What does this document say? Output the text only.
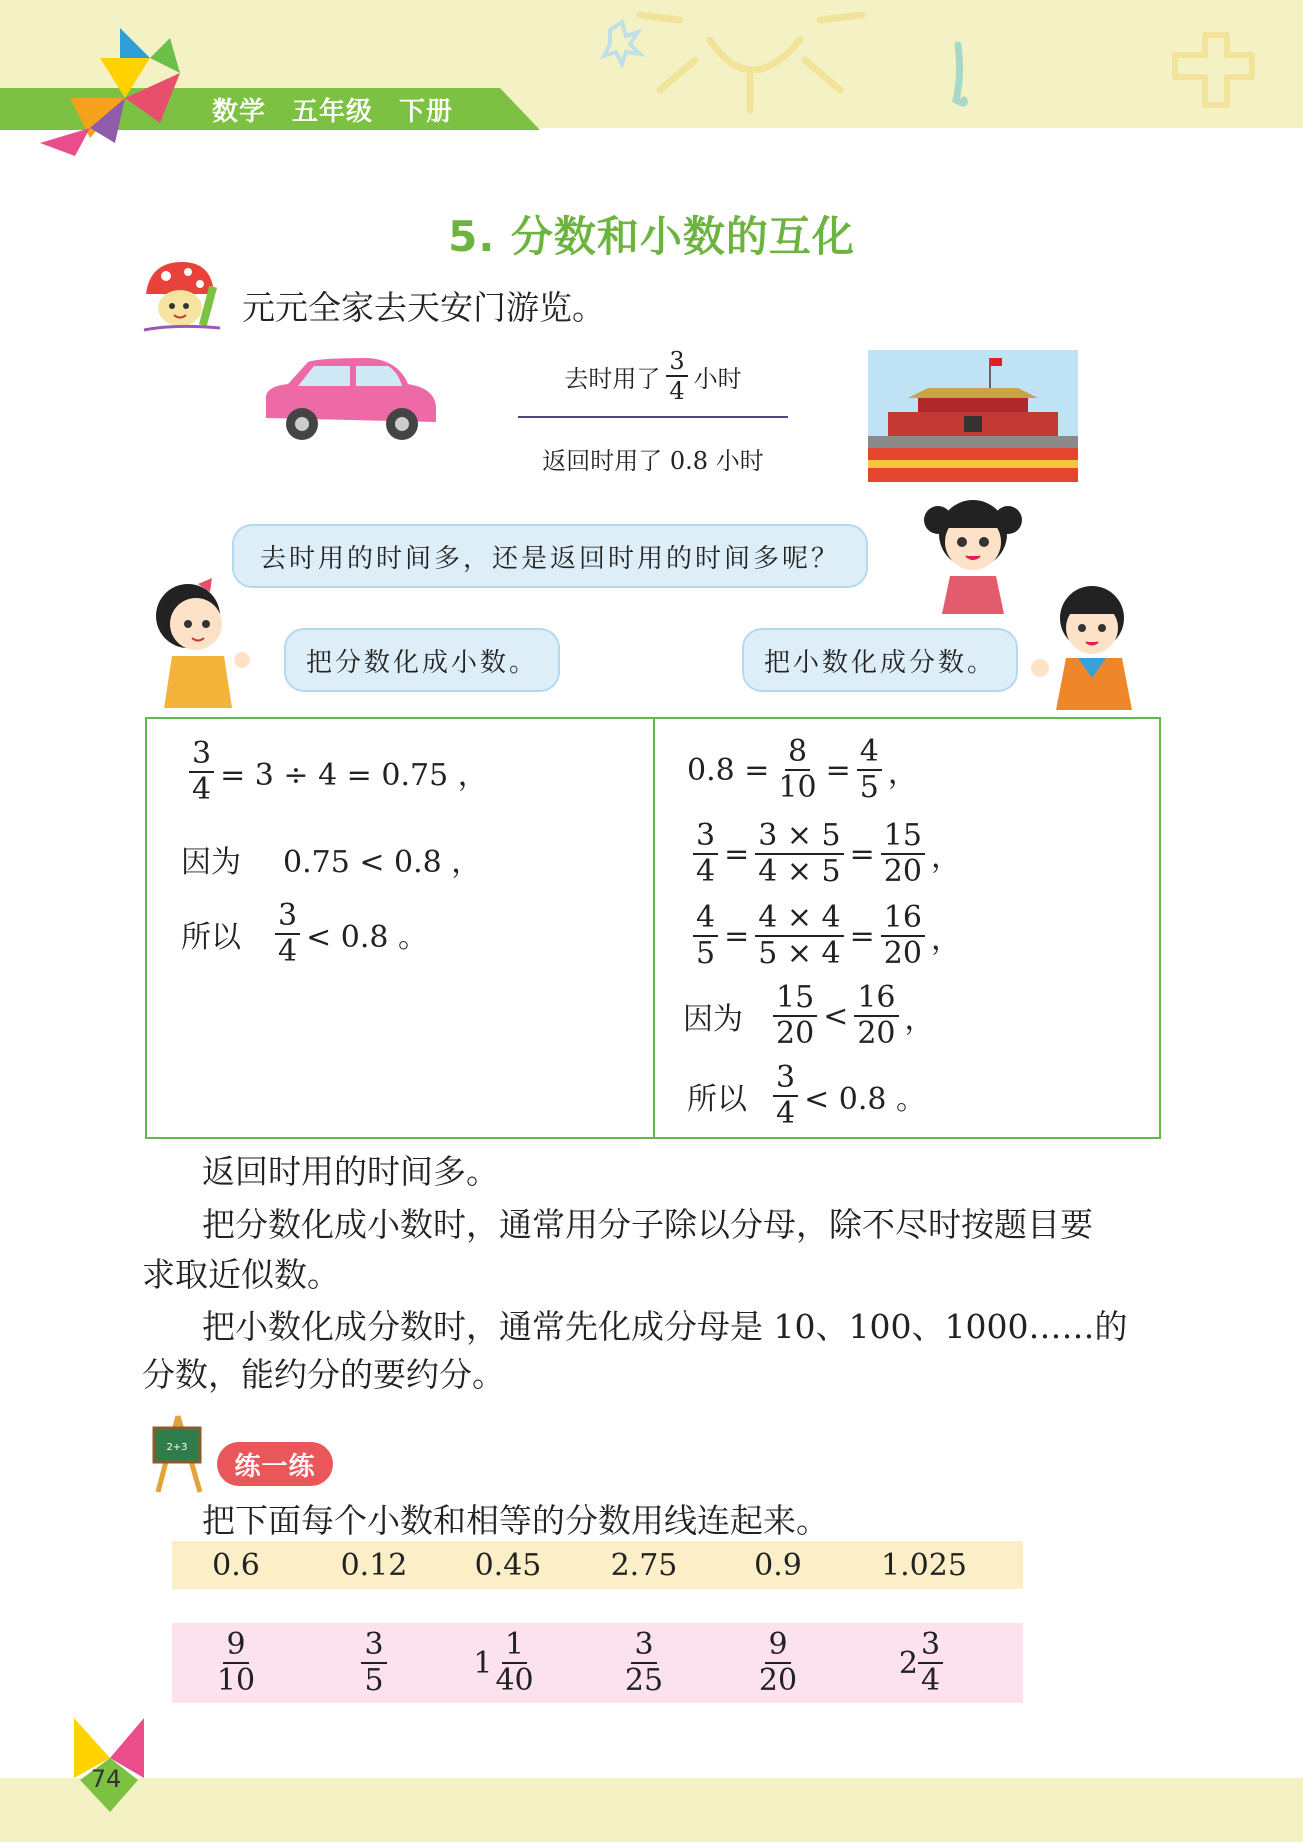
数学 五年级 下册
5. 分数和小数的互化
元元全家去天安门游览。
去时用了 $\frac{3}{4}$ 小时
返回时用了 0.8 小时
去时用的时间多，还是返回时用的时间多呢？
把分数化成小数。	把小数化成分数。
$\frac{3}{4} = 3 \div 4 = 0.75$ ，
因为 0.75 < 0.8 ，
所以 $\frac{3}{4} < 0.8$ 。
$0.8 = \frac{8}{10} = \frac{4}{5}$ ，
$\frac{3}{4} = \frac{3 \times 5}{4 \times 5} = \frac{15}{20}$ ，
$\frac{4}{5} = \frac{4 \times 4}{5 \times 4} = \frac{16}{20}$ ，
因为 $\frac{15}{20} < \frac{16}{20}$ ，
所以 $\frac{3}{4} < 0.8$ 。
返回时用的时间多。
把分数化成小数时，通常用分子除以分母，除不尽时按题目要
求取近似数。
把小数化成分数时，通常先化成分母是 10、100、1000……的
分数，能约分的要约分。
2+3
练一练
把下面每个小数和相等的分数用线连起来。
0.6	0.12	0.45	2.75	0.9	1.025
$\frac{9}{10}$	$\frac{3}{5}$	$1 \frac{1}{40}$	$\frac{3}{25}$	$\frac{9}{20}$	$2 \frac{3}{4}$
74
